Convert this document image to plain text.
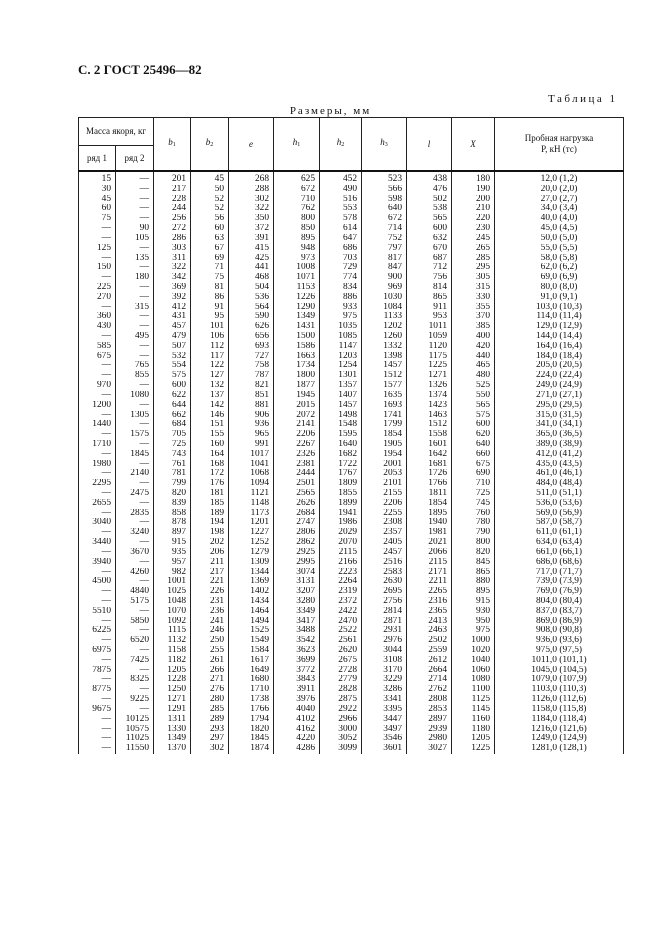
С. 2 ГОСТ 25496—82
Таблица 1
Размеры, мм
Масса якоря, кг		$b_1$	$b_2$	e	$h_1$	$h_2$	$h_3$	l	X	Пробная нагрузка
P, кН (тс)
ряд 1	ряд 2									
15	—	201	45	268	625	452	523	438	180	12,0 (1,2)
30	—	217	50	288	672	490	566	476	190	20,0 (2,0)
45	—	228	52	302	710	516	598	502	200	27,0 (2,7)
60	—	244	52	322	762	553	640	538	210	34,0 (3,4)
75	—	256	56	350	800	578	672	565	220	40,0 (4,0)
—	90	272	60	372	850	614	714	600	230	45,0 (4,5)
—	105	286	63	391	895	647	752	632	245	50,0 (5,0)
125	—	303	67	415	948	686	797	670	265	55,0 (5,5)
—	135	311	69	425	973	703	817	687	285	58,0 (5,8)
150	—	322	71	441	1008	729	847	712	295	62,0 (6,2)
—	180	342	75	468	1071	774	900	756	305	69,0 (6,9)
225	—	369	81	504	1153	834	969	814	315	80,0 (8,0)
270	—	392	86	536	1226	886	1030	865	330	91,0 (9,1)
—	315	412	91	564	1290	933	1084	911	355	103,0 (10,3)
360	—	431	95	590	1349	975	1133	953	370	114,0 (11,4)
430	—	457	101	626	1431	1035	1202	1011	385	129,0 (12,9)
—	495	479	106	656	1500	1085	1260	1059	400	144,0 (14,4)
585	—	507	112	693	1586	1147	1332	1120	420	164,0 (16,4)
675	—	532	117	727	1663	1203	1398	1175	440	184,0 (18,4)
—	765	554	122	758	1734	1254	1457	1225	465	205,0 (20,5)
—	855	575	127	787	1800	1301	1512	1271	480	224,0 (22,4)
970	—	600	132	821	1877	1357	1577	1326	525	249,0 (24,9)
—	1080	622	137	851	1945	1407	1635	1374	550	271,0 (27,1)
1200	—	644	142	881	2015	1457	1693	1423	565	295,0 (29,5)
—	1305	662	146	906	2072	1498	1741	1463	575	315,0 (31,5)
1440	—	684	151	936	2141	1548	1799	1512	600	341,0 (34,1)
—	1575	705	155	965	2206	1595	1854	1558	620	365,0 (36,5)
1710	—	725	160	991	2267	1640	1905	1601	640	389,0 (38,9)
—	1845	743	164	1017	2326	1682	1954	1642	660	412,0 (41,2)
1980	—	761	168	1041	2381	1722	2001	1681	675	435,0 (43,5)
—	2140	781	172	1068	2444	1767	2053	1726	690	461,0 (46,1)
2295	—	799	176	1094	2501	1809	2101	1766	710	484,0 (48,4)
—	2475	820	181	1121	2565	1855	2155	1811	725	511,0 (51,1)
2655	—	839	185	1148	2626	1899	2206	1854	745	536,0 (53,6)
—	2835	858	189	1173	2684	1941	2255	1895	760	569,0 (56,9)
3040	—	878	194	1201	2747	1986	2308	1940	780	587,0 (58,7)
—	3240	897	198	1227	2806	2029	2357	1981	790	611,0 (61,1)
3440	—	915	202	1252	2862	2070	2405	2021	800	634,0 (63,4)
—	3670	935	206	1279	2925	2115	2457	2066	820	661,0 (66,1)
3940	—	957	211	1309	2995	2166	2516	2115	845	686,0 (68,6)
—	4260	982	217	1344	3074	2223	2583	2171	865	717,0 (71,7)
4500	—	1001	221	1369	3131	2264	2630	2211	880	739,0 (73,9)
—	4840	1025	226	1402	3207	2319	2695	2265	895	769,0 (76,9)
—	5175	1048	231	1434	3280	2372	2756	2316	915	804,0 (80,4)
5510	—	1070	236	1464	3349	2422	2814	2365	930	837,0 (83,7)
—	5850	1092	241	1494	3417	2470	2871	2413	950	869,0 (86,9)
6225	—	1115	246	1525	3488	2522	2931	2463	975	908,0 (90,8)
—	6520	1132	250	1549	3542	2561	2976	2502	1000	936,0 (93,6)
6975	—	1158	255	1584	3623	2620	3044	2559	1020	975,0 (97,5)
—	7425	1182	261	1617	3699	2675	3108	2612	1040	1011,0 (101,1)
7875	—	1205	266	1649	3772	2728	3170	2664	1060	1045,0 (104,5)
—	8325	1228	271	1680	3843	2779	3229	2714	1080	1079,0 (107,9)
8775	—	1250	276	1710	3911	2828	3286	2762	1100	1103,0 (110,3)
—	9225	1271	280	1738	3976	2875	3341	2808	1125	1126,0 (112,6)
9675	—	1291	285	1766	4040	2922	3395	2853	1145	1158,0 (115,8)
—	10125	1311	289	1794	4102	2966	3447	2897	1160	1184,0 (118,4)
—	10575	1330	293	1820	4162	3000	3497	2939	1180	1216,0 (121,6)
—	11025	1349	297	1845	4220	3052	3546	2980	1205	1249,0 (124,9)
—	11550	1370	302	1874	4286	3099	3601	3027	1225	1281,0 (128,1)
